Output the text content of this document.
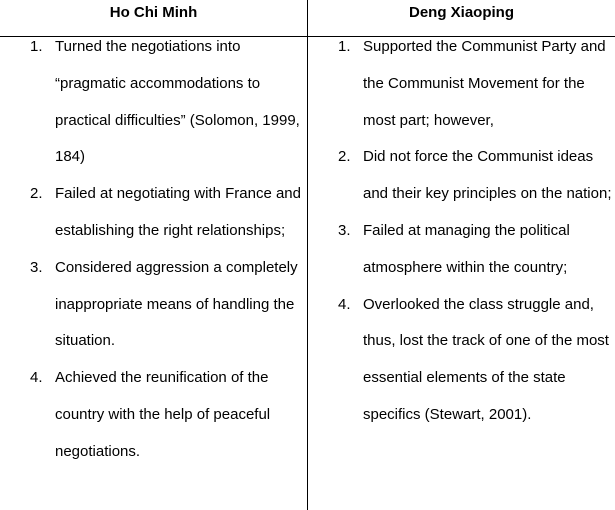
Ho Chi Minh	Deng Xiaoping
1. Turned the negotiations into “pragmatic accommodations to practical difficulties” (Solomon, 1999, 184)
2. Failed at negotiating with France and establishing the right relationships;
3. Considered aggression a completely inappropriate means of handling the situation.
4. Achieved the reunification of the country with the help of peaceful negotiations.
1. Supported the Communist Party and the Communist Movement for the most part; however,
2. Did not force the Communist ideas and their key principles on the nation;
3. Failed at managing the political atmosphere within the country;
4. Overlooked the class struggle and, thus, lost the track of one of the most essential elements of the state specifics (Stewart, 2001).
